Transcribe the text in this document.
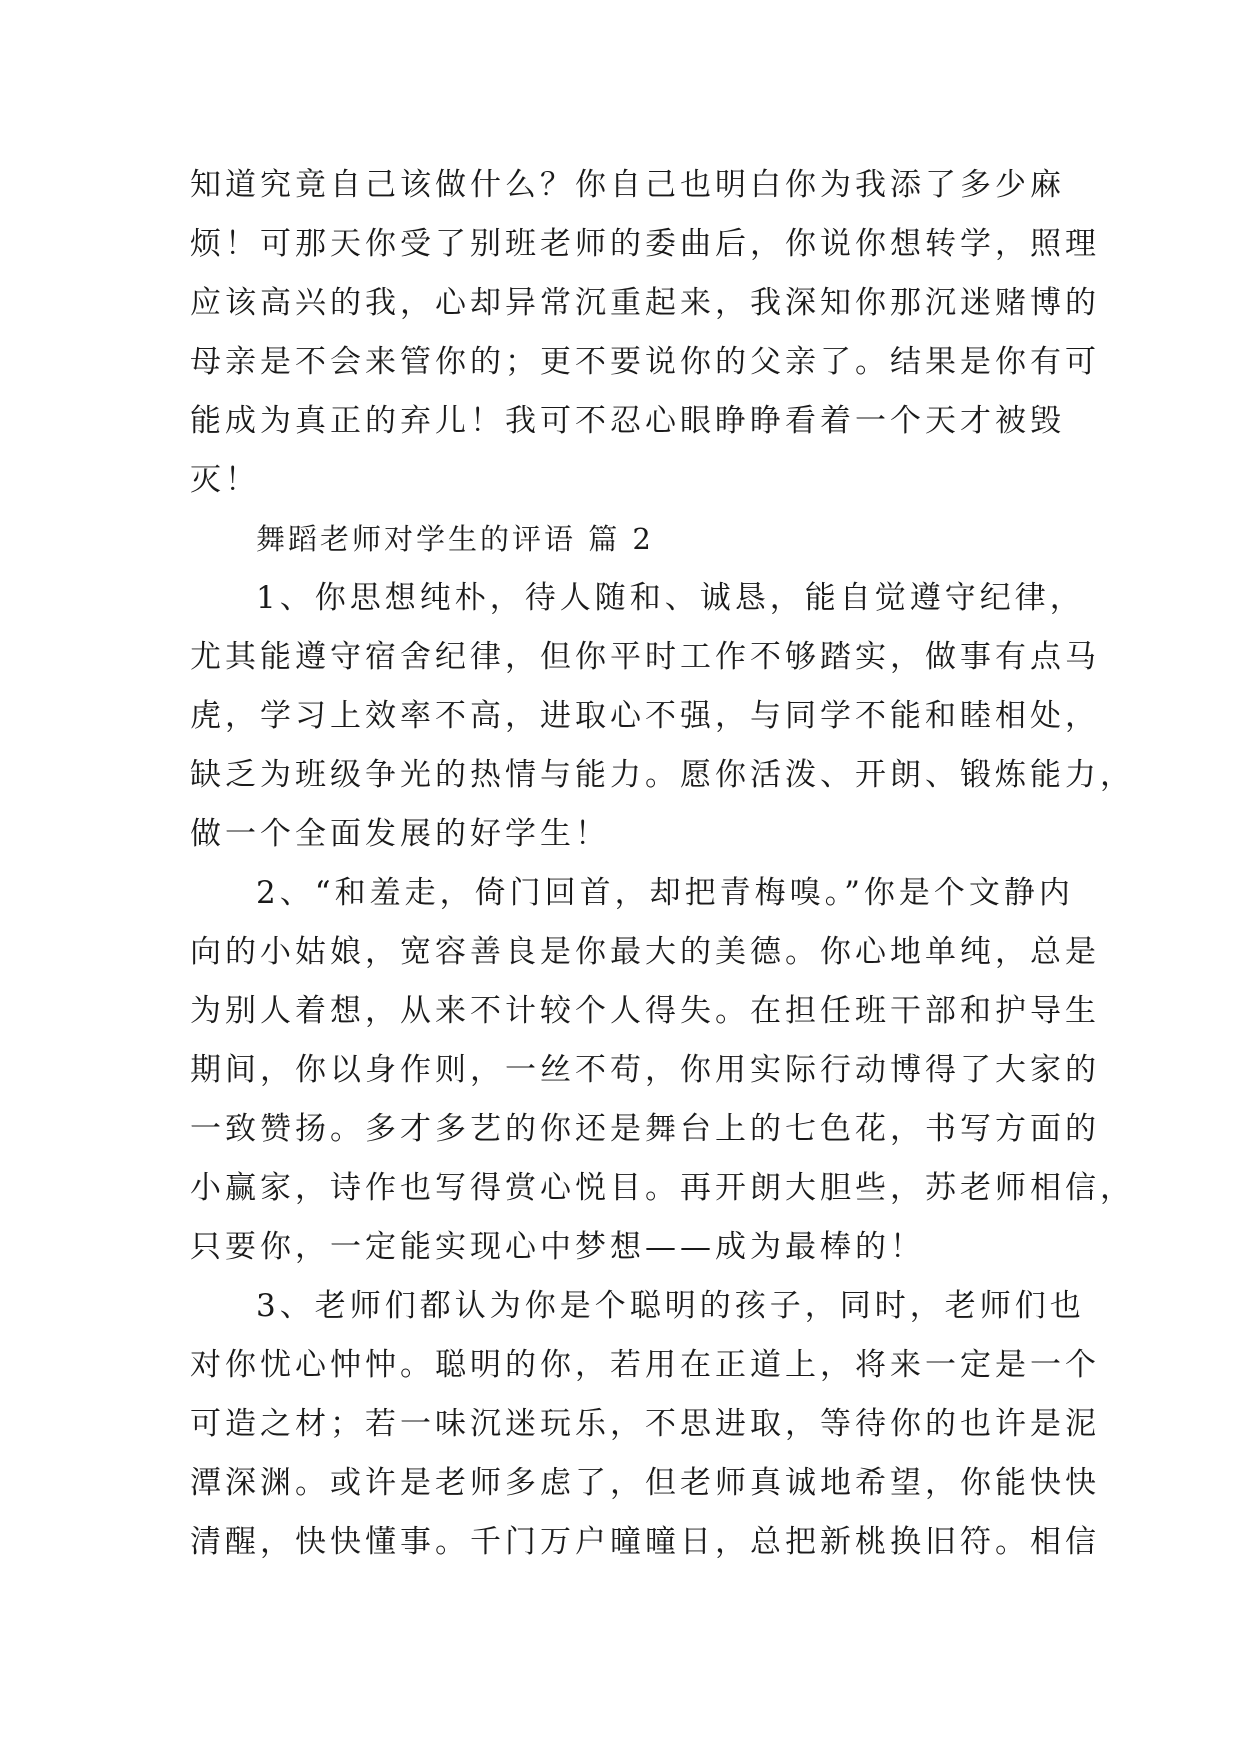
知道究竟自己该做什么？你自己也明白你为我添了多少麻
烦！可那天你受了别班老师的委曲后，你说你想转学，照理
应该高兴的我，心却异常沉重起来，我深知你那沉迷赌博的
母亲是不会来管你的；更不要说你的父亲了。结果是你有可
能成为真正的弃儿！我可不忍心眼睁睁看着一个天才被毁
灭！
舞蹈老师对学生的评语 篇 2
1、你思想纯朴，待人随和、诚恳，能自觉遵守纪律，
尤其能遵守宿舍纪律，但你平时工作不够踏实，做事有点马
虎，学习上效率不高，进取心不强，与同学不能和睦相处，
缺乏为班级争光的热情与能力。愿你活泼、开朗、锻炼能力，
做一个全面发展的好学生！
2、“和羞走，倚门回首，却把青梅嗅。”你是个文静内
向的小姑娘，宽容善良是你最大的美德。你心地单纯，总是
为别人着想，从来不计较个人得失。在担任班干部和护导生
期间，你以身作则，一丝不苟，你用实际行动博得了大家的
一致赞扬。多才多艺的你还是舞台上的七色花，书写方面的
小赢家，诗作也写得赏心悦目。再开朗大胆些，苏老师相信，
只要你，一定能实现心中梦想——成为最棒的！
3、老师们都认为你是个聪明的孩子，同时，老师们也
对你忧心忡忡。聪明的你，若用在正道上，将来一定是一个
可造之材；若一味沉迷玩乐，不思进取，等待你的也许是泥
潭深渊。或许是老师多虑了，但老师真诚地希望，你能快快
清醒，快快懂事。千门万户曈曈日，总把新桃换旧符。相信
